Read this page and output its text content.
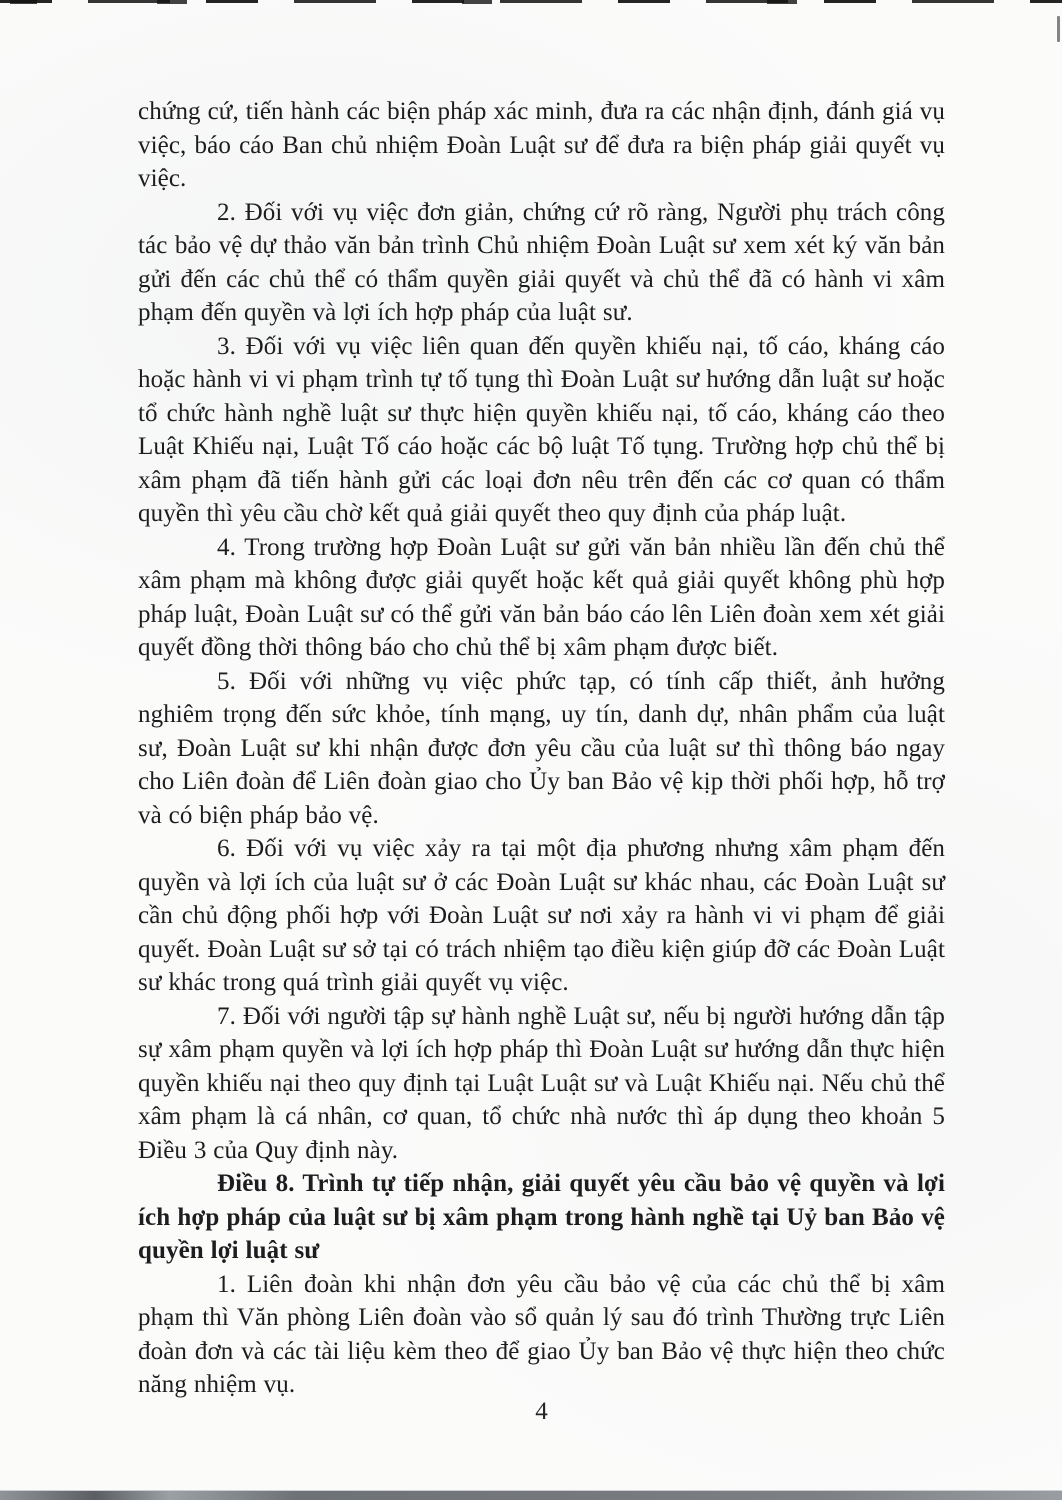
chứng cứ, tiến hành các biện pháp xác minh, đưa ra các nhận định, đánh giá vụ việc, báo cáo Ban chủ nhiệm Đoàn Luật sư để đưa ra biện pháp giải quyết vụ việc.

2. Đối với vụ việc đơn giản, chứng cứ rõ ràng, Người phụ trách công tác bảo vệ dự thảo văn bản trình Chủ nhiệm Đoàn Luật sư xem xét ký văn bản gửi đến các chủ thể có thẩm quyền giải quyết và chủ thể đã có hành vi xâm phạm đến quyền và lợi ích hợp pháp của luật sư.

3. Đối với vụ việc liên quan đến quyền khiếu nại, tố cáo, kháng cáo hoặc hành vi vi phạm trình tự tố tụng thì Đoàn Luật sư hướng dẫn luật sư hoặc tổ chức hành nghề luật sư thực hiện quyền khiếu nại, tố cáo, kháng cáo theo Luật Khiếu nại, Luật Tố cáo hoặc các bộ luật Tố tụng. Trường hợp chủ thể bị xâm phạm đã tiến hành gửi các loại đơn nêu trên đến các cơ quan có thẩm quyền thì yêu cầu chờ kết quả giải quyết theo quy định của pháp luật.

4. Trong trường hợp Đoàn Luật sư gửi văn bản nhiều lần đến chủ thể xâm phạm mà không được giải quyết hoặc kết quả giải quyết không phù hợp pháp luật, Đoàn Luật sư có thể gửi văn bản báo cáo lên Liên đoàn xem xét giải quyết đồng thời thông báo cho chủ thể bị xâm phạm được biết.

5. Đối với những vụ việc phức tạp, có tính cấp thiết, ảnh hưởng nghiêm trọng đến sức khỏe, tính mạng, uy tín, danh dự, nhân phẩm của luật sư, Đoàn Luật sư khi nhận được đơn yêu cầu của luật sư thì thông báo ngay cho Liên đoàn để Liên đoàn giao cho Ủy ban Bảo vệ kịp thời phối hợp, hỗ trợ và có biện pháp bảo vệ.

6. Đối với vụ việc xảy ra tại một địa phương nhưng xâm phạm đến quyền và lợi ích của luật sư ở các Đoàn Luật sư khác nhau, các Đoàn Luật sư cần chủ động phối hợp với Đoàn Luật sư nơi xảy ra hành vi vi phạm để giải quyết. Đoàn Luật sư sở tại có trách nhiệm tạo điều kiện giúp đỡ các Đoàn Luật sư khác trong quá trình giải quyết vụ việc.

7. Đối với người tập sự hành nghề Luật sư, nếu bị người hướng dẫn tập sự xâm phạm quyền và lợi ích hợp pháp thì Đoàn Luật sư hướng dẫn thực hiện quyền khiếu nại theo quy định tại Luật Luật sư và Luật Khiếu nại. Nếu chủ thể xâm phạm là cá nhân, cơ quan, tổ chức nhà nước thì áp dụng theo khoản 5 Điều 3 của Quy định này.

Điều 8. Trình tự tiếp nhận, giải quyết yêu cầu bảo vệ quyền và lợi ích hợp pháp của luật sư bị xâm phạm trong hành nghề tại Uỷ ban Bảo vệ quyền lợi luật sư

1. Liên đoàn khi nhận đơn yêu cầu bảo vệ của các chủ thể bị xâm phạm thì Văn phòng Liên đoàn vào sổ quản lý sau đó trình Thường trực Liên đoàn đơn và các tài liệu kèm theo để giao Ủy ban Bảo vệ thực hiện theo chức năng nhiệm vụ.

4
